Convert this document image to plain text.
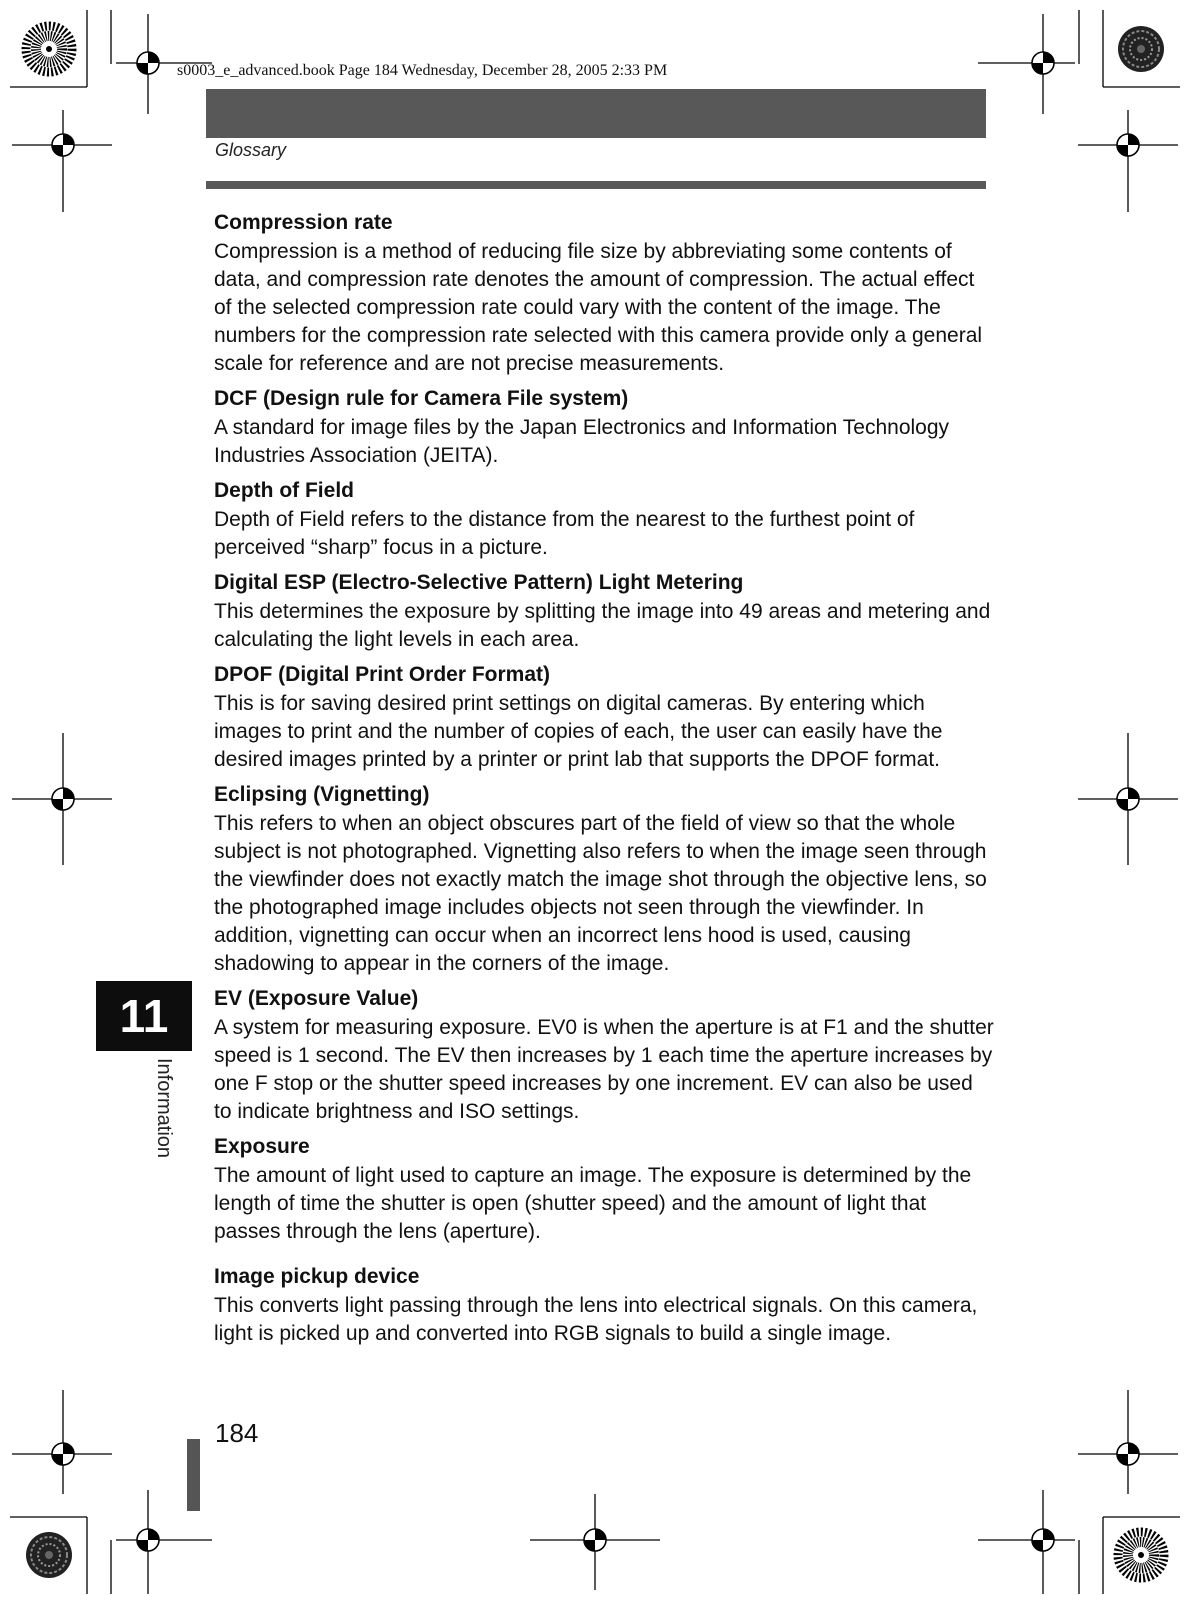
s0003_e_advanced.book Page 184 Wednesday, December 28, 2005 2:33 PM
Glossary
Compression rate

Compression is a method of reducing file size by abbreviating some contents of data, and compression rate denotes the amount of compression. The actual effect of the selected compression rate could vary with the content of the image. The numbers for the compression rate selected with this camera provide only a general scale for reference and are not precise measurements.

DCF (Design rule for Camera File system)

A standard for image files by the Japan Electronics and Information Technology Industries Association (JEITA).

Depth of Field

Depth of Field refers to the distance from the nearest to the furthest point of perceived “sharp” focus in a picture.

Digital ESP (Electro-Selective Pattern) Light Metering

This determines the exposure by splitting the image into 49 areas and metering and calculating the light levels in each area.

DPOF (Digital Print Order Format)

This is for saving desired print settings on digital cameras. By entering which images to print and the number of copies of each, the user can easily have the desired images printed by a printer or print lab that supports the DPOF format.

Eclipsing (Vignetting)

This refers to when an object obscures part of the field of view so that the whole subject is not photographed. Vignetting also refers to when the image seen through the viewfinder does not exactly match the image shot through the objective lens, so the photographed image includes objects not seen through the viewfinder. In addition, vignetting can occur when an incorrect lens hood is used, causing shadowing to appear in the corners of the image.

EV (Exposure Value)

A system for measuring exposure. EV0 is when the aperture is at F1 and the shutter speed is 1 second. The EV then increases by 1 each time the aperture increases by one F stop or the shutter speed increases by one increment. EV can also be used to indicate brightness and ISO settings.

Exposure

The amount of light used to capture an image. The exposure is determined by the length of time the shutter is open (shutter speed) and the amount of light that passes through the lens (aperture).

Image pickup device

This converts light passing through the lens into electrical signals. On this camera, light is picked up and converted into RGB signals to build a single image.

11
Information
184
